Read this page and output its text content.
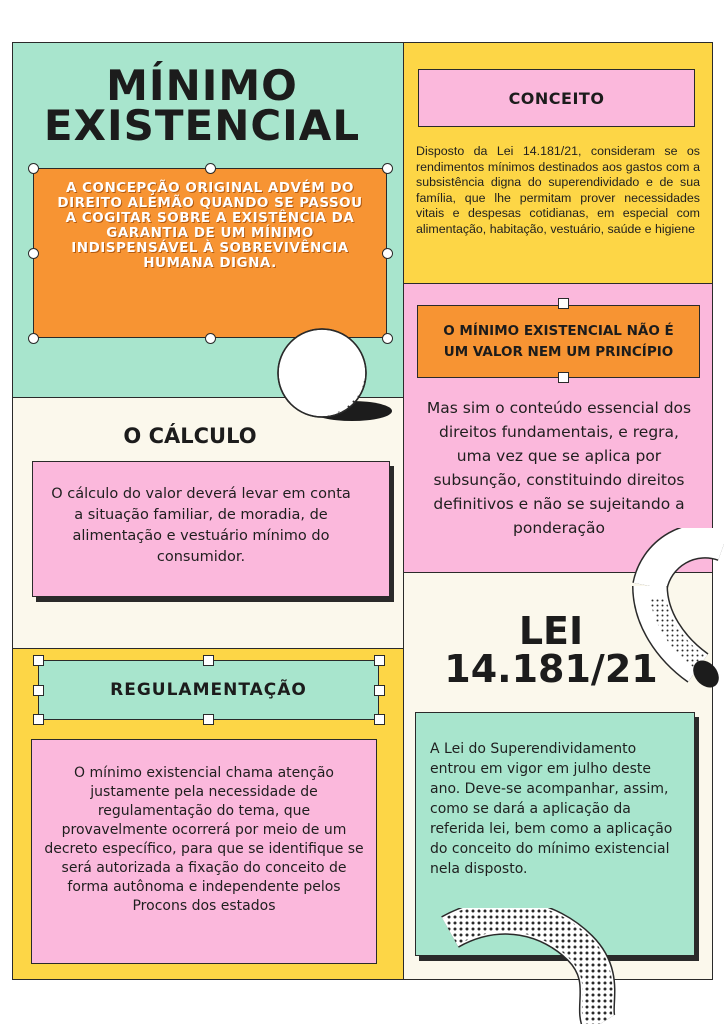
MÍNIMO
EXISTENCIAL
A CONCEPÇÃO ORIGINAL ADVÉM DO DIREITO ALEMÃO QUANDO SE PASSOU A COGITAR SOBRE A EXISTÊNCIA DA GARANTIA DE UM MÍNIMO INDISPENSÁVEL À SOBREVIVÊNCIA HUMANA DIGNA.
CONCEITO
Disposto da Lei 14.181/21, consideram se os rendimentos mínimos destinados aos gastos com a subsistência digna do superendividado e de sua família, que lhe permitam prover necessidades vitais e despesas cotidianas, em especial com alimentação, habitação, vestuário, saúde e higiene
O MÍNIMO EXISTENCIAL NÃO É UM VALOR NEM UM PRINCÍPIO
Mas sim o conteúdo essencial dos direitos fundamentais, e regra, uma vez que se aplica por subsunção, constituindo direitos definitivos e não se sujeitando a ponderação
O CÁLCULO
O cálculo do valor deverá levar em conta a situação familiar, de moradia, de alimentação e vestuário mínimo do consumidor.
LEI
14.181/21
A Lei do Superendividamento entrou em vigor em julho deste ano. Deve-se acompanhar, assim, como se dará a aplicação da referida lei, bem como a aplicação do conceito do mínimo existencial nela disposto.
REGULAMENTAÇÃO
O mínimo existencial chama atenção justamente pela necessidade de regulamentação do tema, que provavelmente ocorrerá por meio de um decreto específico, para que se identifique se será autorizada a fixação do conceito de forma autônoma e independente pelos Procons dos estados
